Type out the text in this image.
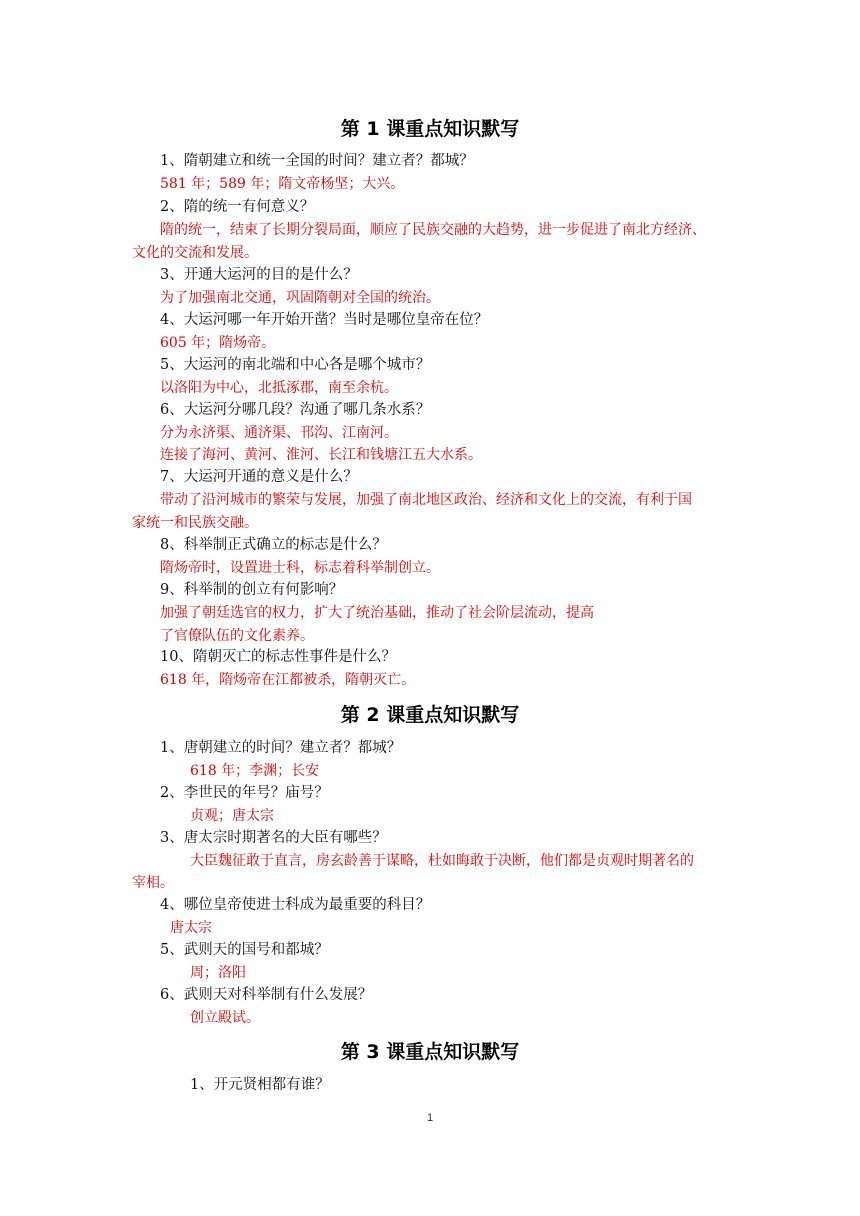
第 1 课重点知识默写
1、隋朝建立和统一全国的时间？建立者？都城？
581 年；589 年；隋文帝杨坚；大兴。
2、隋的统一有何意义？
隋的统一，结束了长期分裂局面，顺应了民族交融的大趋势，进一步促进了南北方经济、
文化的交流和发展。
3、开通大运河的目的是什么？
为了加强南北交通，巩固隋朝对全国的统治。
4、大运河哪一年开始开凿？当时是哪位皇帝在位？
605 年；隋炀帝。
5、大运河的南北端和中心各是哪个城市？
以洛阳为中心，北抵涿郡，南至余杭。
6、大运河分哪几段？沟通了哪几条水系？
分为永济渠、通济渠、邗沟、江南河。
连接了海河、黄河、淮河、长江和钱塘江五大水系。
7、大运河开通的意义是什么？
带动了沿河城市的繁荣与发展，加强了南北地区政治、经济和文化上的交流，有利于国
家统一和民族交融。
8、科举制正式确立的标志是什么？
隋炀帝时，设置进士科，标志着科举制创立。
9、科举制的创立有何影响？
加强了朝廷选官的权力，扩大了统治基础，推动了社会阶层流动，提高
了官僚队伍的文化素养。
10、隋朝灭亡的标志性事件是什么？
618 年，隋炀帝在江都被杀，隋朝灭亡。
第 2 课重点知识默写
1、唐朝建立的时间？建立者？都城？
618 年；李渊；长安
2、李世民的年号？庙号？
贞观；唐太宗
3、唐太宗时期著名的大臣有哪些？
大臣魏征敢于直言，房玄龄善于谋略，杜如晦敢于决断，他们都是贞观时期著名的
宰相。
4、哪位皇帝使进士科成为最重要的科目？
唐太宗
5、武则天的国号和都城？
周；洛阳
6、武则天对科举制有什么发展？
创立殿试。
第 3 课重点知识默写
1、开元贤相都有谁？
1
